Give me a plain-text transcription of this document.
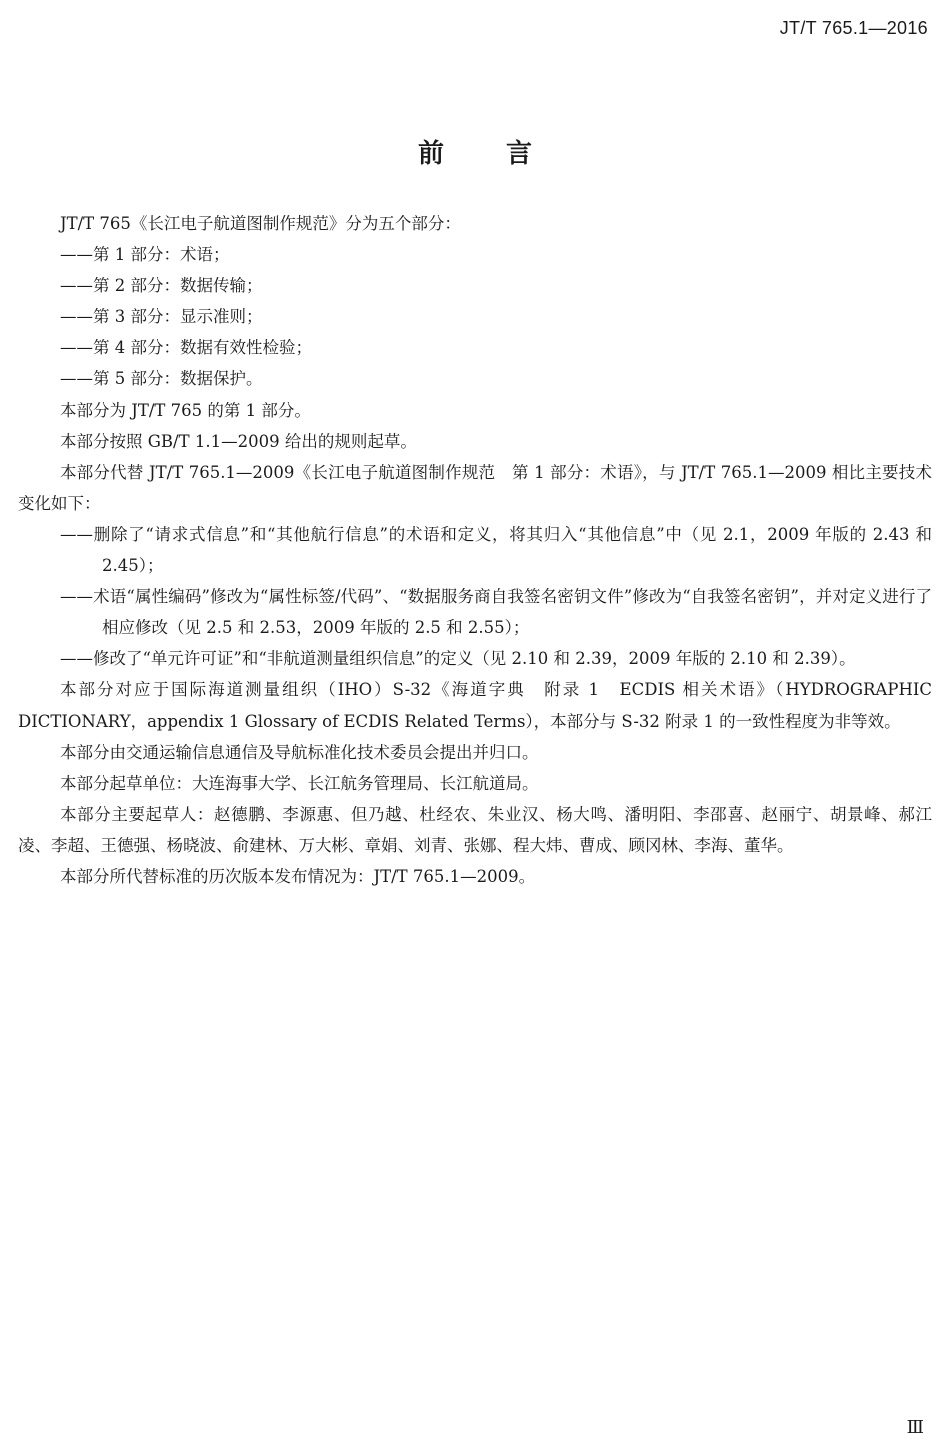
JT/T 765.1—2016
前言

JT/T 765《长江电子航道图制作规范》分为五个部分：

——第 1 部分：术语；

——第 2 部分：数据传输；

——第 3 部分：显示准则；

——第 4 部分：数据有效性检验；

——第 5 部分：数据保护。

本部分为 JT/T 765 的第 1 部分。

本部分按照 GB/T 1.1—2009 给出的规则起草。

本部分代替 JT/T 765.1—2009《长江电子航道图制作规范　第 1 部分：术语》，与 JT/T 765.1—2009 相比主要技术变化如下：

——删除了“请求式信息”和“其他航行信息”的术语和定义，将其归入“其他信息”中（见 2.1，2009 年版的 2.43 和 2.45）；

——术语“属性编码”修改为“属性标签/代码”、“数据服务商自我签名密钥文件”修改为“自我签名密钥”，并对定义进行了相应修改（见 2.5 和 2.53，2009 年版的 2.5 和 2.55）；

——修改了“单元许可证”和“非航道测量组织信息”的定义（见 2.10 和 2.39，2009 年版的 2.10 和 2.39）。

本部分对应于国际海道测量组织（IHO）S-32《海道字典　附录 1　ECDIS 相关术语》（HYDROGRAPHIC DICTIONARY，appendix 1 Glossary of ECDIS Related Terms），本部分与 S-32 附录 1 的一致性程度为非等效。

本部分由交通运输信息通信及导航标准化技术委员会提出并归口。

本部分起草单位：大连海事大学、长江航务管理局、长江航道局。

本部分主要起草人：赵德鹏、李源惠、但乃越、杜经农、朱业汉、杨大鸣、潘明阳、李邵喜、赵丽宁、胡景峰、郝江凌、李超、王德强、杨晓波、俞建林、万大彬、章娟、刘青、张娜、程大炜、曹成、顾冈林、李海、董华。

本部分所代替标准的历次版本发布情况为：JT/T 765.1—2009。

Ⅲ
